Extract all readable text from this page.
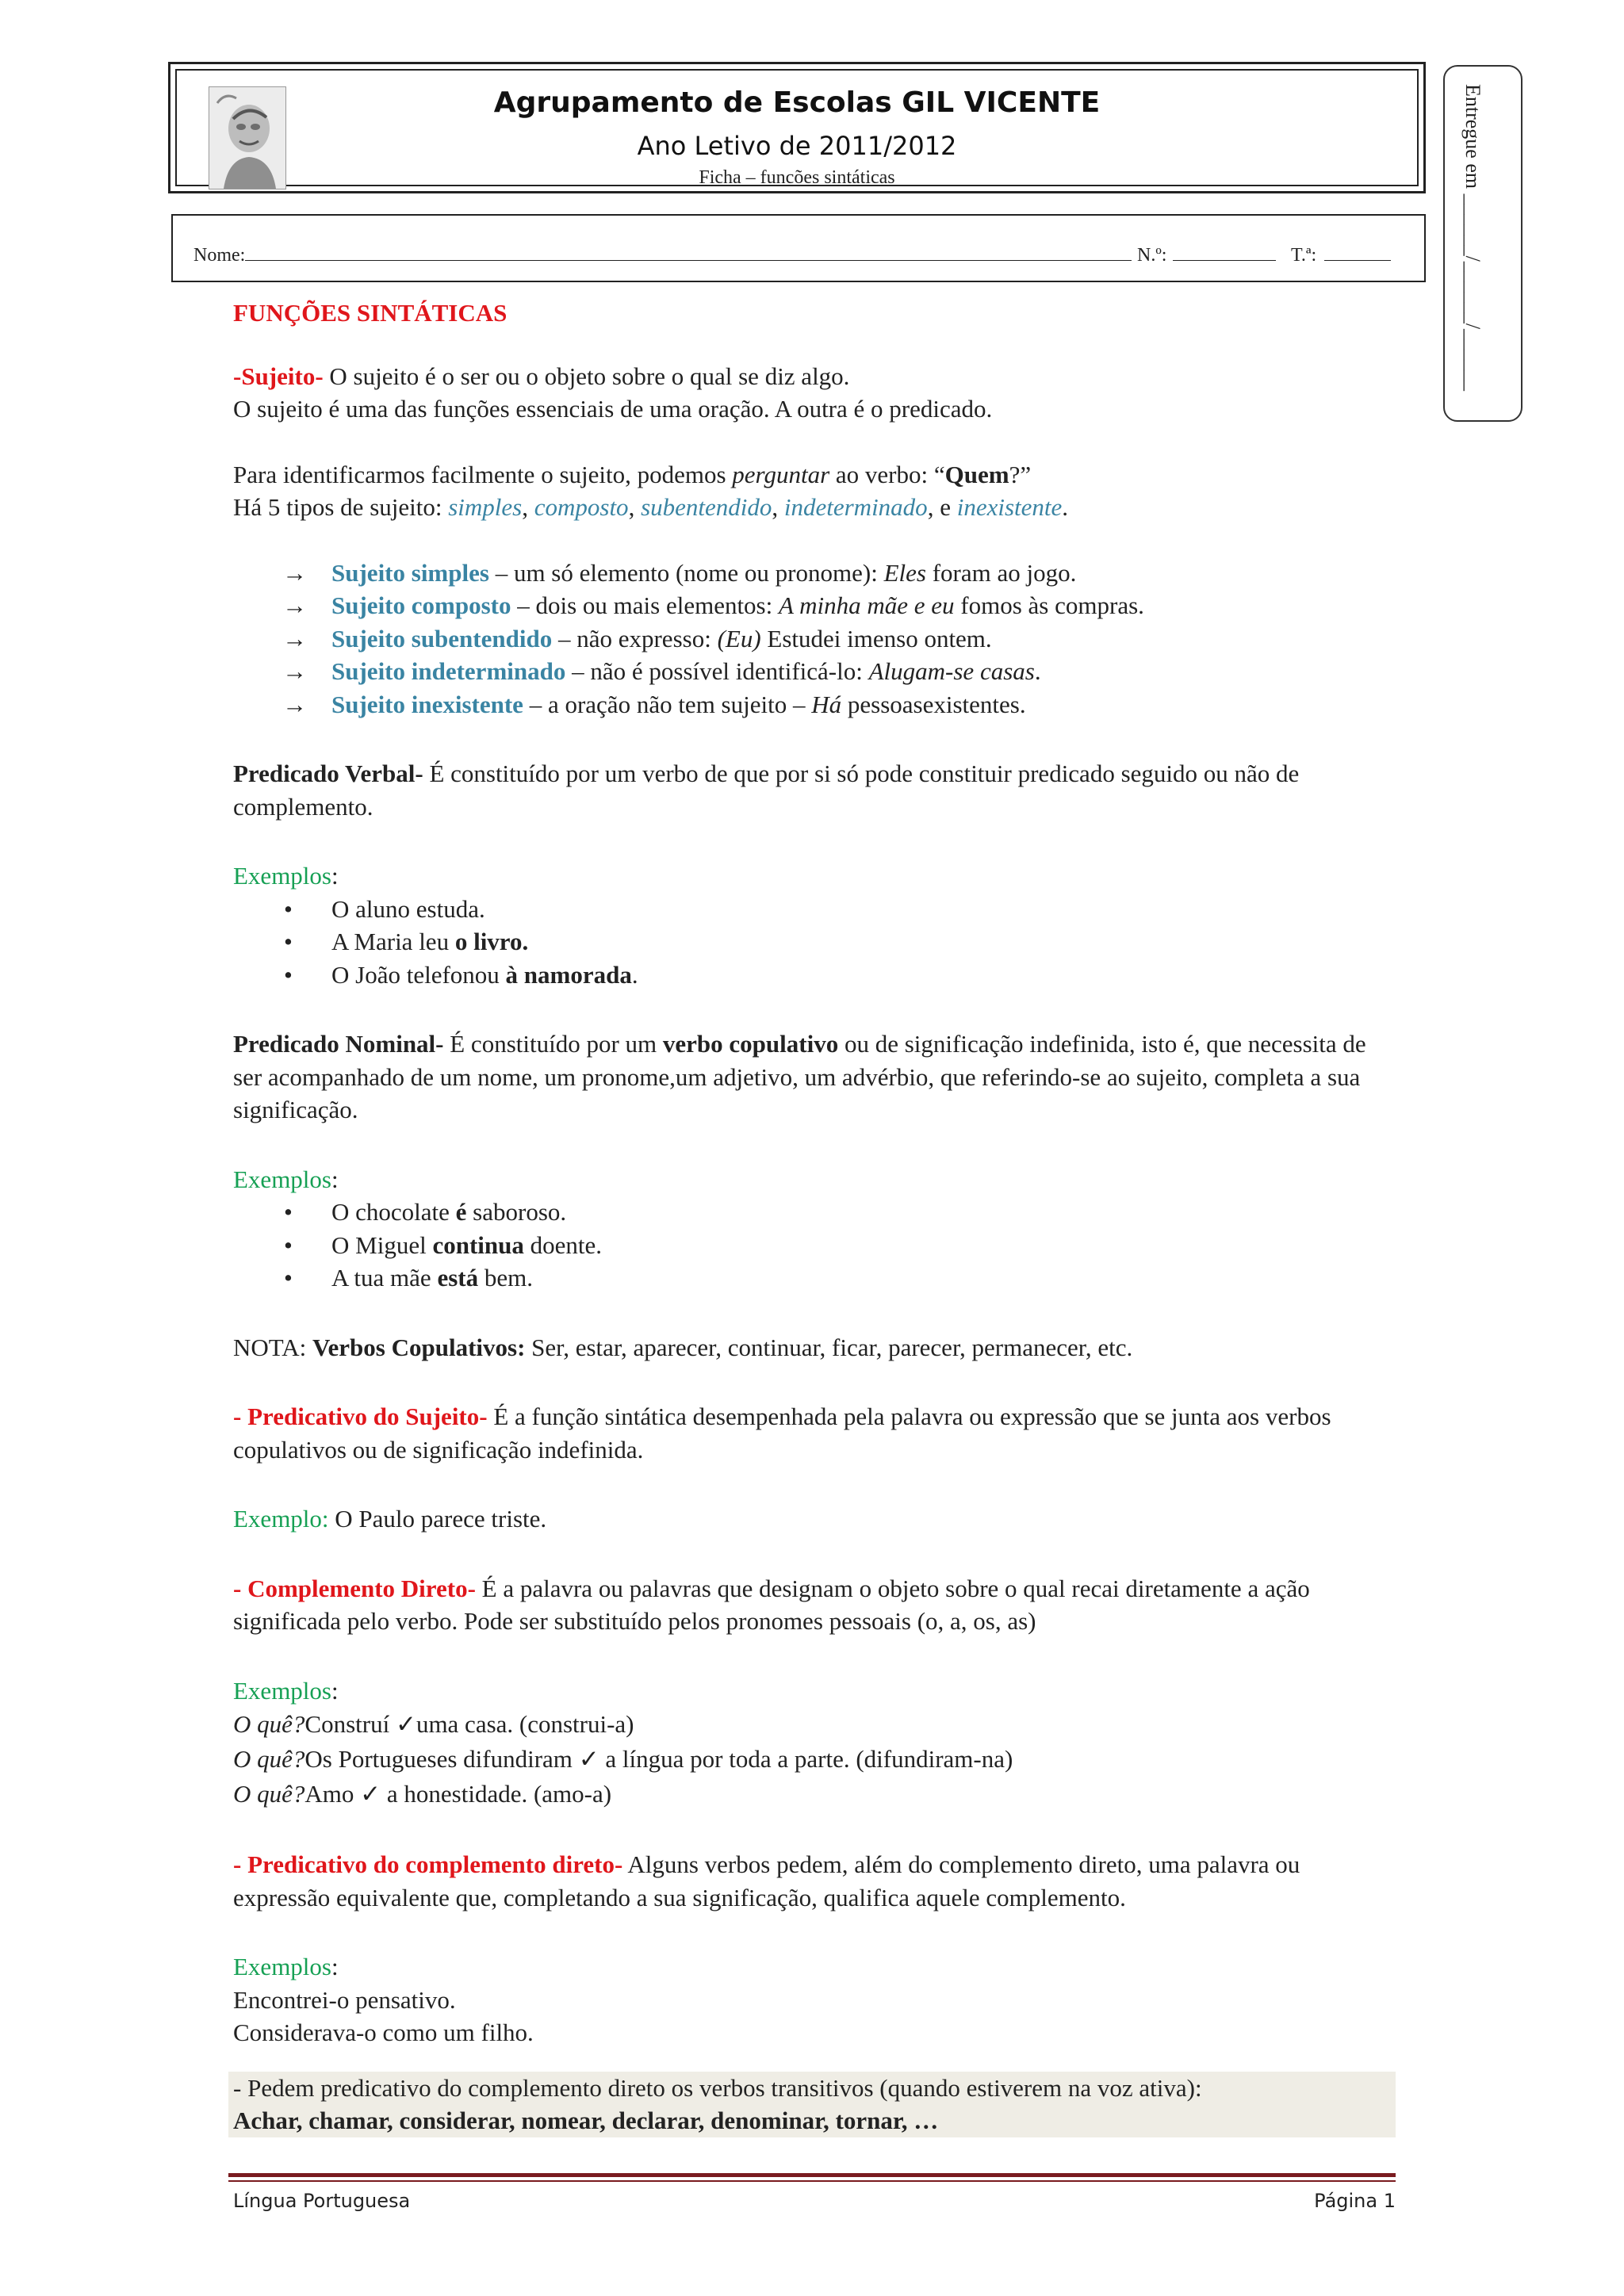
Agrupamento de Escolas GIL VICENTE
Ano Letivo de 2011/2012
Ficha – funcões sintáticas	Entregue em ______/______/______
Nome:	N.º:	T.ª:

FUNÇÕES SINTÁTICAS

-Sujeito- O sujeito é o ser ou o objeto sobre o qual se diz algo.

O sujeito é uma das funções essenciais de uma oração. A outra é o predicado.

Para identificarmos facilmente o sujeito, podemos perguntar ao verbo: “Quem?”

Há 5 tipos de sujeito: simples, composto, subentendido, indeterminado, e inexistente.

→ Sujeito simples – um só elemento (nome ou pronome): Eles foram ao jogo.
→ Sujeito composto – dois ou mais elementos: A minha mãe e eu fomos às compras.
→ Sujeito subentendido – não expresso: (Eu) Estudei imenso ontem.
→ Sujeito indeterminado – não é possível identificá-lo: Alugam-se casas.
→ Sujeito inexistente – a oração não tem sujeito – Há pessoasexistentes.

Predicado Verbal- É constituído por um verbo de que por si só pode constituir predicado seguido ou não de complemento.

Exemplos:

• O aluno estuda.
• A Maria leu o livro.
• O João telefonou à namorada.

Predicado Nominal- É constituído por um verbo copulativo ou de significação indefinida, isto é, que necessita de ser acompanhado de um nome, um pronome,um adjetivo, um advérbio, que referindo-se ao sujeito, completa a sua significação.

Exemplos:

• O chocolate é saboroso.
• O Miguel continua doente.
• A tua mãe está bem.

NOTA: Verbos Copulativos: Ser, estar, aparecer, continuar, ficar, parecer, permanecer, etc.

- Predicativo do Sujeito- É a função sintática desempenhada pela palavra ou expressão que se junta aos verbos copulativos ou de significação indefinida.

Exemplo: O Paulo parece triste.

- Complemento Direto- É a palavra ou palavras que designam o objeto sobre o qual recai diretamente a ação significada pelo verbo. Pode ser substituído pelos pronomes pessoais (o, a, os, as)

Exemplos:

O quê?Construí ✓uma casa. (construi-a)

O quê?Os Portugueses difundiram ✓ a língua por toda a parte. (difundiram-na)

O quê?Amo ✓ a honestidade. (amo-a)

- Predicativo do complemento direto- Alguns verbos pedem, além do complemento direto, uma palavra ou expressão equivalente que, completando a sua significação, qualifica aquele complemento.

Exemplos:

Encontrei-o pensativo.

Considerava-o como um filho.

- Pedem predicativo do complemento direto os verbos transitivos (quando estiverem na voz ativa):

Achar, chamar, considerar, nomear, declarar, denominar, tornar, …

Língua Portuguesa	Página 1
